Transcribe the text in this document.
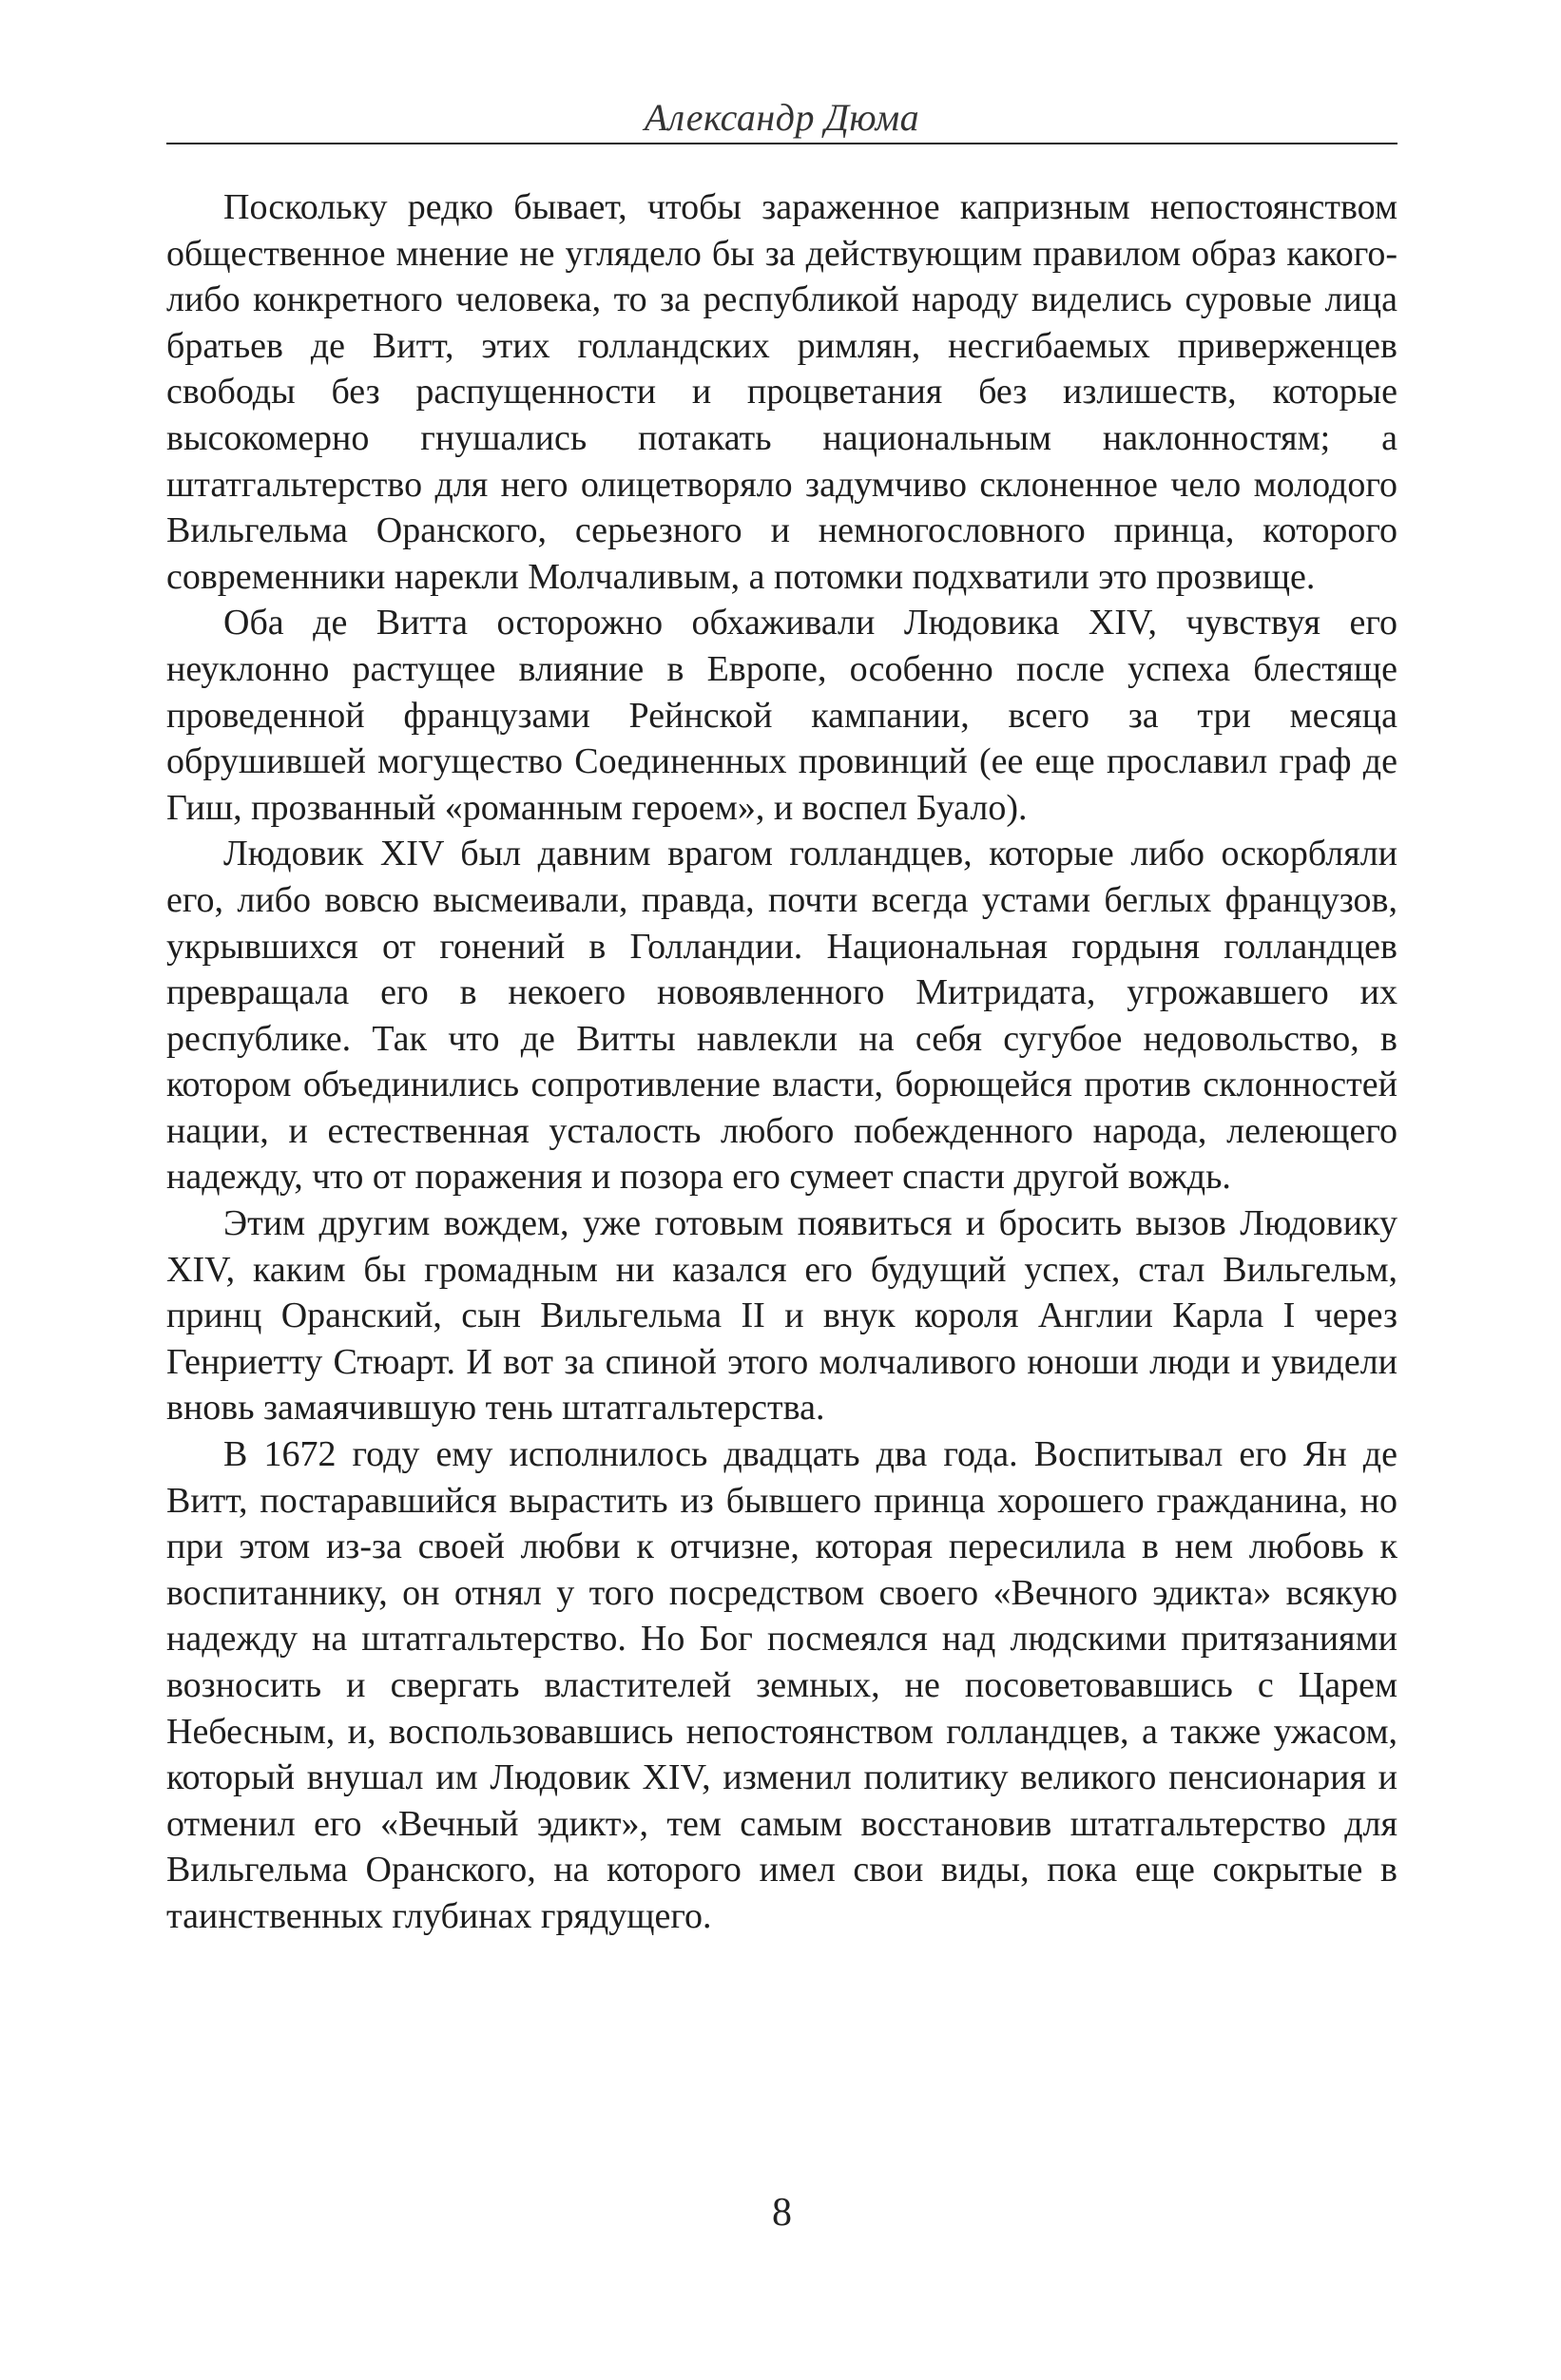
Александр Дюма

Поскольку редко бывает, чтобы зараженное капризным непостоянством общественное мнение не углядело бы за действующим правилом образ какого-либо конкретного человека, то за республикой народу виделись суровые лица братьев де Витт, этих голландских римлян, несгибаемых приверженцев свободы без распущенности и процветания без излишеств, которые высокомерно гнушались потакать национальным наклонностям; а штатгальтерство для него олицетворяло задумчиво склоненное чело молодого Вильгельма Оранского, серьезного и немногословного принца, которого современники нарекли Молчаливым, а потомки подхватили это прозвище.

Оба де Витта осторожно обхаживали Людовика XIV, чувствуя его неуклонно растущее влияние в Европе, особенно после успеха блестяще проведенной французами Рейнской кампании, всего за три месяца обрушившей могущество Соединенных провинций (ее еще прославил граф де Гиш, прозванный «романным героем», и воспел Буало).

Людовик XIV был давним врагом голландцев, которые либо оскорбляли его, либо вовсю высмеивали, правда, почти всегда устами беглых французов, укрывшихся от гонений в Голландии. Национальная гордыня голландцев превращала его в некоего новоявленного Митридата, угрожавшего их республике. Так что де Витты навлекли на себя сугубое недовольство, в котором объединились сопротивление власти, борющейся против склонностей нации, и естественная усталость любого побежденного народа, лелеющего надежду, что от поражения и позора его сумеет спасти другой вождь.

Этим другим вождем, уже готовым появиться и бросить вызов Людовику XIV, каким бы громадным ни казался его будущий успех, стал Вильгельм, принц Оранский, сын Вильгельма II и внук короля Англии Карла I через Генриетту Стюарт. И вот за спиной этого молчаливого юноши люди и увидели вновь замаячившую тень штатгальтерства.

В 1672 году ему исполнилось двадцать два года. Воспитывал его Ян де Витт, постаравшийся вырастить из бывшего принца хорошего гражданина, но при этом из-за своей любви к отчизне, которая пересилила в нем любовь к воспитаннику, он отнял у того посредством своего «Вечного эдикта» всякую надежду на штатгальтерство. Но Бог посмеялся над людскими притязаниями возносить и свергать властителей земных, не посоветовавшись с Царем Небесным, и, воспользовавшись непостоянством голландцев, а также ужасом, который внушал им Людовик XIV, изменил политику великого пенсионария и отменил его «Вечный эдикт», тем самым восстановив штатгальтерство для Вильгельма Оранского, на которого имел свои виды, пока еще сокрытые в таинственных глубинах грядущего.

8
